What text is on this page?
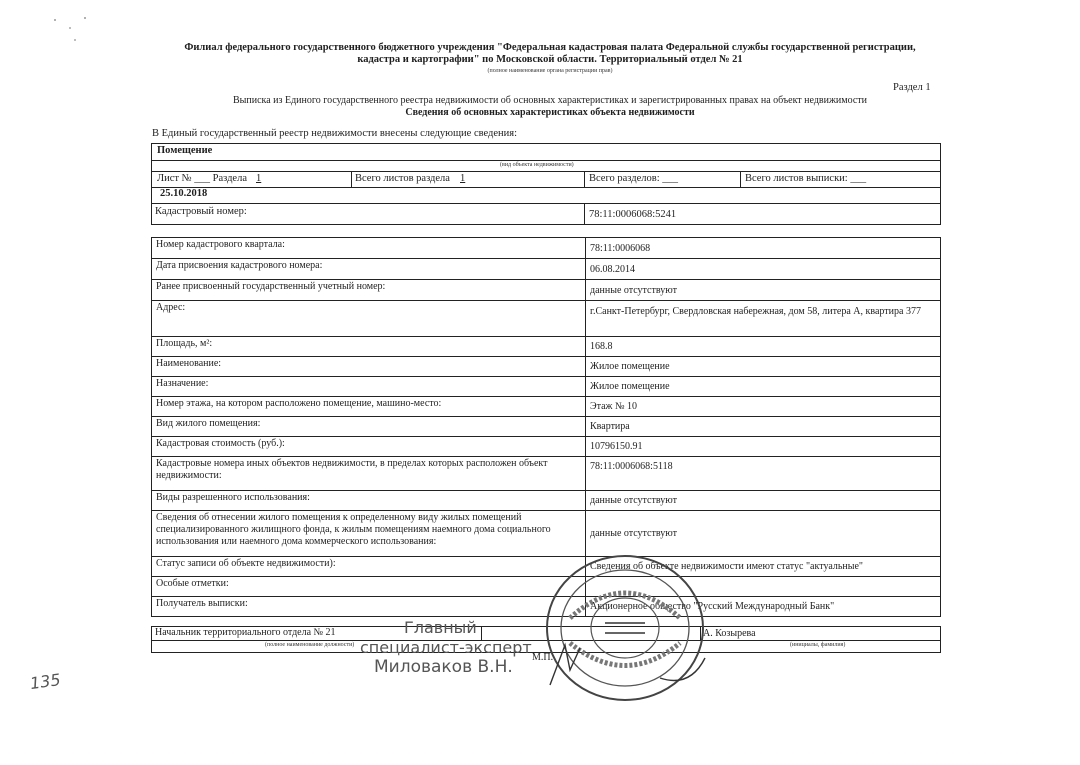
Филиал федерального государственного бюджетного учреждения "Федеральная кадастровая палата Федеральной службы государственной регистрации,
кадастра и картографии" по Московской области. Территориальный отдел № 21
(полное наименование органа регистрации прав)
Раздел 1
Выписка из Единого государственного реестра недвижимости об основных характеристиках и зарегистрированных правах на объект недвижимости
Сведения об основных характеристиках объекта недвижимости
В Единый государственный реестр недвижимости внесены следующие сведения:
Помещение
(вид объекта недвижимости)
Лист № ___ Раздела 1	Всего листов раздела 1	Всего разделов: ___	Всего листов выписки: ___
25.10.2018
Кадастровый номер:	78:11:0006068:5241
Номер кадастрового квартала:	78:11:0006068
Дата присвоения кадастрового номера:	06.08.2014
Ранее присвоенный государственный учетный номер:	данные отсутствуют
Адрес:	г.Санкт-Петербург, Свердловская набережная, дом 58, литера А, квартира 377
Площадь, м²:	168.8
Наименование:	Жилое помещение
Назначение:	Жилое помещение
Номер этажа, на котором расположено помещение, машино-место:	Этаж № 10
Вид жилого помещения:	Квартира
Кадастровая стоимость (руб.):	10796150.91
Кадастровые номера иных объектов недвижимости, в пределах которых расположен объект недвижимости:	78:11:0006068:5118
Виды разрешенного использования:	данные отсутствуют
Сведения об отнесении жилого помещения к определенному виду жилых помещений специализированного жилищного фонда, к жилым помещениям наемного дома социального использования или наемного дома коммерческого использования:	данные отсутствуют
Статус записи об объекте недвижимости):	Сведения об объекте недвижимости имеют статус "актуальные"
Особые отметки:	
Получатель выписки:	Акционерное общество "Русский Международный Банк"
Начальник территориального отдела № 21
(полное наименование должности)
А. Козырева
(инициалы, фамилия)
М.П.
Главный
специалист-эксперт
Миловаков В.Н.
135
